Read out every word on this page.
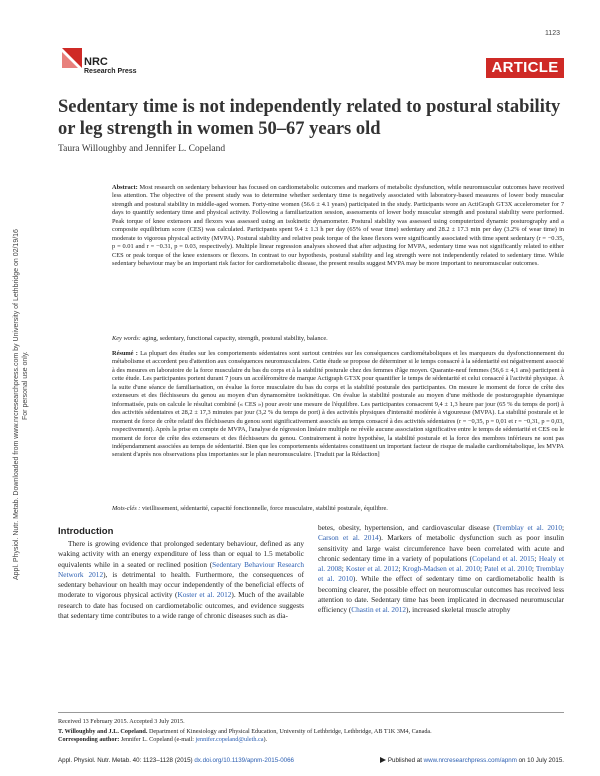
1123
NRC
Research Press	ARTICLE
Sedentary time is not independently related to postural stability or leg strength in women 50–67 years old
Taura Willoughby and Jennifer L. Copeland
Appl. Physiol. Nutr. Metab. Downloaded from www.nrcresearchpress.com by University of Lethbridge on 02/19/16 For personal use only.
Abstract: Most research on sedentary behaviour has focused on cardiometabolic outcomes and markers of metabolic dysfunction, while neuromuscular outcomes have received less attention. The objective of the present study was to determine whether sedentary time is negatively associated with laboratory-based measures of lower body muscular strength and postural stability in middle-aged women. Forty-nine women (56.6 ± 4.1 years) participated in the study. Participants wore an ActiGraph GT3X accelerometer for 7 days to quantify sedentary time and physical activity. Following a familiarization session, assessments of lower body muscular strength and postural stability were performed. Peak torque of knee extensors and flexors was assessed using an isokinetic dynamometer. Postural stability was assessed using computerized dynamic posturography and a composite equilibrium score (CES) was calculated. Participants spent 9.4 ± 1.3 h per day (65% of wear time) sedentary and 28.2 ± 17.3 min per day (3.2% of wear time) in moderate to vigorous physical activity (MVPA). Postural stability and relative peak torque of the knee flexors were significantly associated with time spent sedentary (r = −0.35, p = 0.01 and r = −0.31, p = 0.03, respectively). Multiple linear regression analyses showed that after adjusting for MVPA, sedentary time was not significantly related to either CES or peak torque of the knee extensors or flexors. In contrast to our hypothesis, postural stability and leg strength were not independently related to sedentary time. While sedentary behaviour may be an important risk factor for cardiometabolic disease, the present results suggest MVPA may be more important to neuromuscular outcomes.
Key words: aging, sedentary, functional capacity, strength, postural stability, balance.
Résumé : La plupart des études sur les comportements sédentaires sont surtout centrées sur les conséquences cardiométaboliques et les marqueurs du dysfonctionnement du métabolisme et accordent peu d'attention aux conséquences neuromusculaires. Cette étude se propose de déterminer si le temps consacré à la sédentarité est négativement associé à des mesures en laboratoire de la force musculaire du bas du corps et à la stabilité posturale chez des femmes d'âge moyen. Quarante-neuf femmes (56,6 ± 4,1 ans) participent à cette étude. Les participantes portent durant 7 jours un accéléromètre de marque Actigraph GT3X pour quantifier le temps de sédentarité et celui consacré à l'activité physique. À la suite d'une séance de familiarisation, on évalue la force musculaire du bas du corps et la stabilité posturale des participantes. On mesure le moment de force de crête des extenseurs et des fléchisseurs du genou au moyen d'un dynamomètre isokinétique. On évalue la stabilité posturale au moyen d'une méthode de posturographie dynamique informatisée, puis on calcule le résultat combiné (« CES ») pour avoir une mesure de l'équilibre. Les participantes consacrent 9,4 ± 1,3 heure par jour (65 % du temps de port) à des activités sédentaires et 28,2 ± 17,3 minutes par jour (3,2 % du temps de port) à des activités physiques d'intensité modérée à vigoureuse (MVPA). La stabilité posturale et le moment de force de crête relatif des fléchisseurs du genou sont significativement associés au temps consacré à des activités sédentaires (r = −0,35, p = 0,01 et r = −0,31, p = 0,03, respectivement). Après la prise en compte de MVPA, l'analyse de régression linéaire multiple ne révèle aucune association significative entre le temps de sédentarité et CES ou le moment de force de crête des extenseurs et des fléchisseurs du genou. Contrairement à notre hypothèse, la stabilité posturale et la force des membres inférieurs ne sont pas indépendamment associées au temps de sédentarité. Bien que les comportements sédentaires constituent un important facteur de risque de maladie cardiométabolique, les MVPA seraient d'après nos observations plus importantes sur le plan neuromusculaire. [Traduit par la Rédaction]
Mots-clés : vieillissement, sédentarité, capacité fonctionnelle, force musculaire, stabilité posturale, équilibre.
Introduction
There is growing evidence that prolonged sedentary behaviour, defined as any waking activity with an energy expenditure of less than or equal to 1.5 metabolic equivalents while in a seated or reclined position (Sedentary Behaviour Research Network 2012), is detrimental to health. Furthermore, the consequences of sedentary behaviour on health may occur independently of the beneficial effects of moderate to vigorous physical activity (Koster et al. 2012). Much of the available research to date has focused on cardiometabolic outcomes, and evidence suggests that sedentary time contributes to a wide range of chronic diseases such as dia-
betes, obesity, hypertension, and cardiovascular disease (Tremblay et al. 2010; Carson et al. 2014). Markers of metabolic dysfunction such as poor insulin sensitivity and large waist circumference have been correlated with acute and chronic sedentary time in a variety of populations (Copeland et al. 2015; Healy et al. 2008; Koster et al. 2012; Krogh-Madsen et al. 2010; Patel et al. 2010; Tremblay et al. 2010). While the effect of sedentary time on cardiometabolic health is becoming clearer, the possible effect on neuromuscular outcomes has received less attention to date. Sedentary time has been implicated in decreased neuromuscular efficiency (Chastin et al. 2012), increased skeletal muscle atrophy
Received 13 February 2015. Accepted 3 July 2015.
T. Willoughby and J.L. Copeland. Department of Kinesiology and Physical Education, University of Lethbridge, Lethbridge, AB T1K 3M4, Canada.
Corresponding author: Jennifer L. Copeland (e-mail: jennifer.copeland@uleth.ca).
Appl. Physiol. Nutr. Metab. 40: 1123–1128 (2015) dx.doi.org/10.1139/apnm-2015-0066	Published at www.nrcresearchpress.com/apnm on 10 July 2015.
